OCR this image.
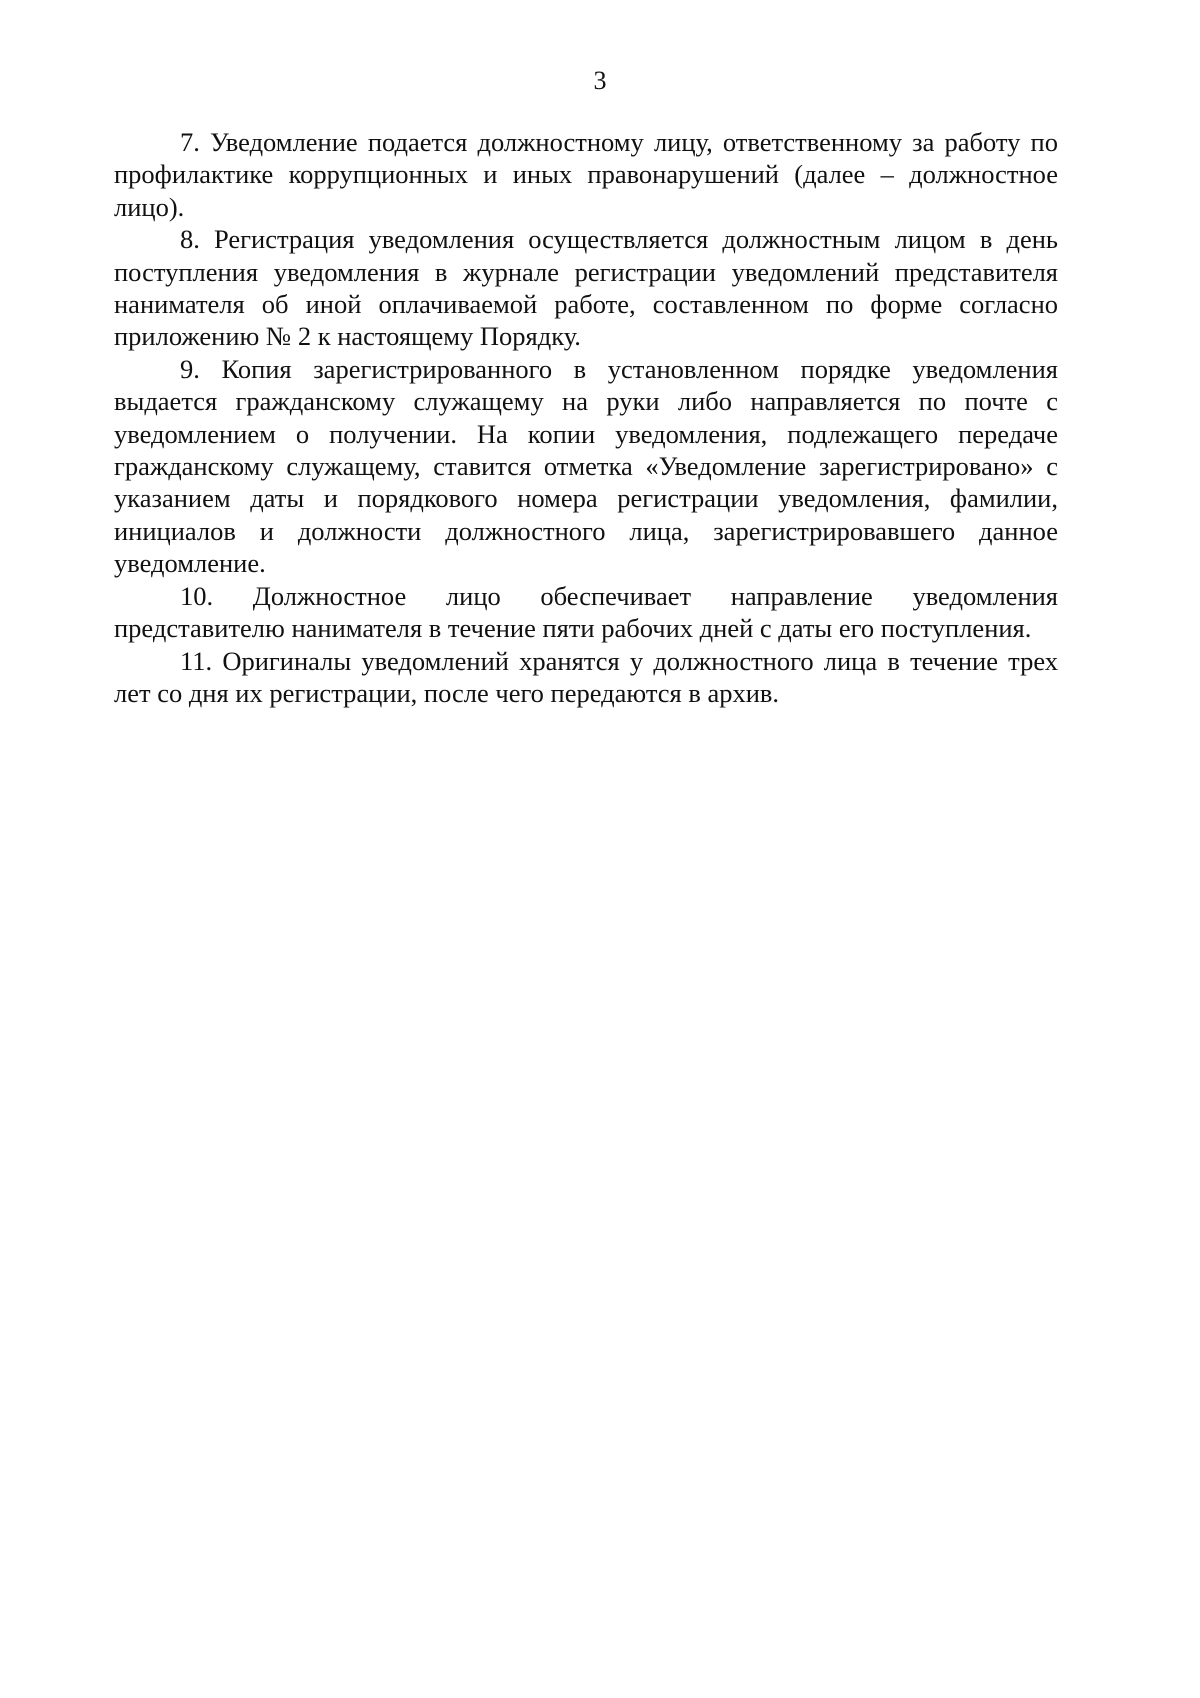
3

7. Уведомление подается должностному лицу, ответственному за работу по профилактике коррупционных и иных правонарушений (далее – должностное лицо).

8. Регистрация уведомления осуществляется должностным лицом в день поступления уведомления в журнале регистрации уведомлений представителя нанимателя об иной оплачиваемой работе, составленном по форме согласно приложению № 2 к настоящему Порядку.

9. Копия зарегистрированного в установленном порядке уведомления выдается гражданскому служащему на руки либо направляется по почте с уведомлением о получении. На копии уведомления, подлежащего передаче гражданскому служащему, ставится отметка «Уведомление зарегистрировано» с указанием даты и порядкового номера регистрации уведомления, фамилии, инициалов и должности должностного лица, зарегистрировавшего данное уведомление.

10. Должностное лицо обеспечивает направление уведомления представителю нанимателя в течение пяти рабочих дней с даты его поступления.

11. Оригиналы уведомлений хранятся у должностного лица в течение трех лет со дня их регистрации, после чего передаются в архив.
